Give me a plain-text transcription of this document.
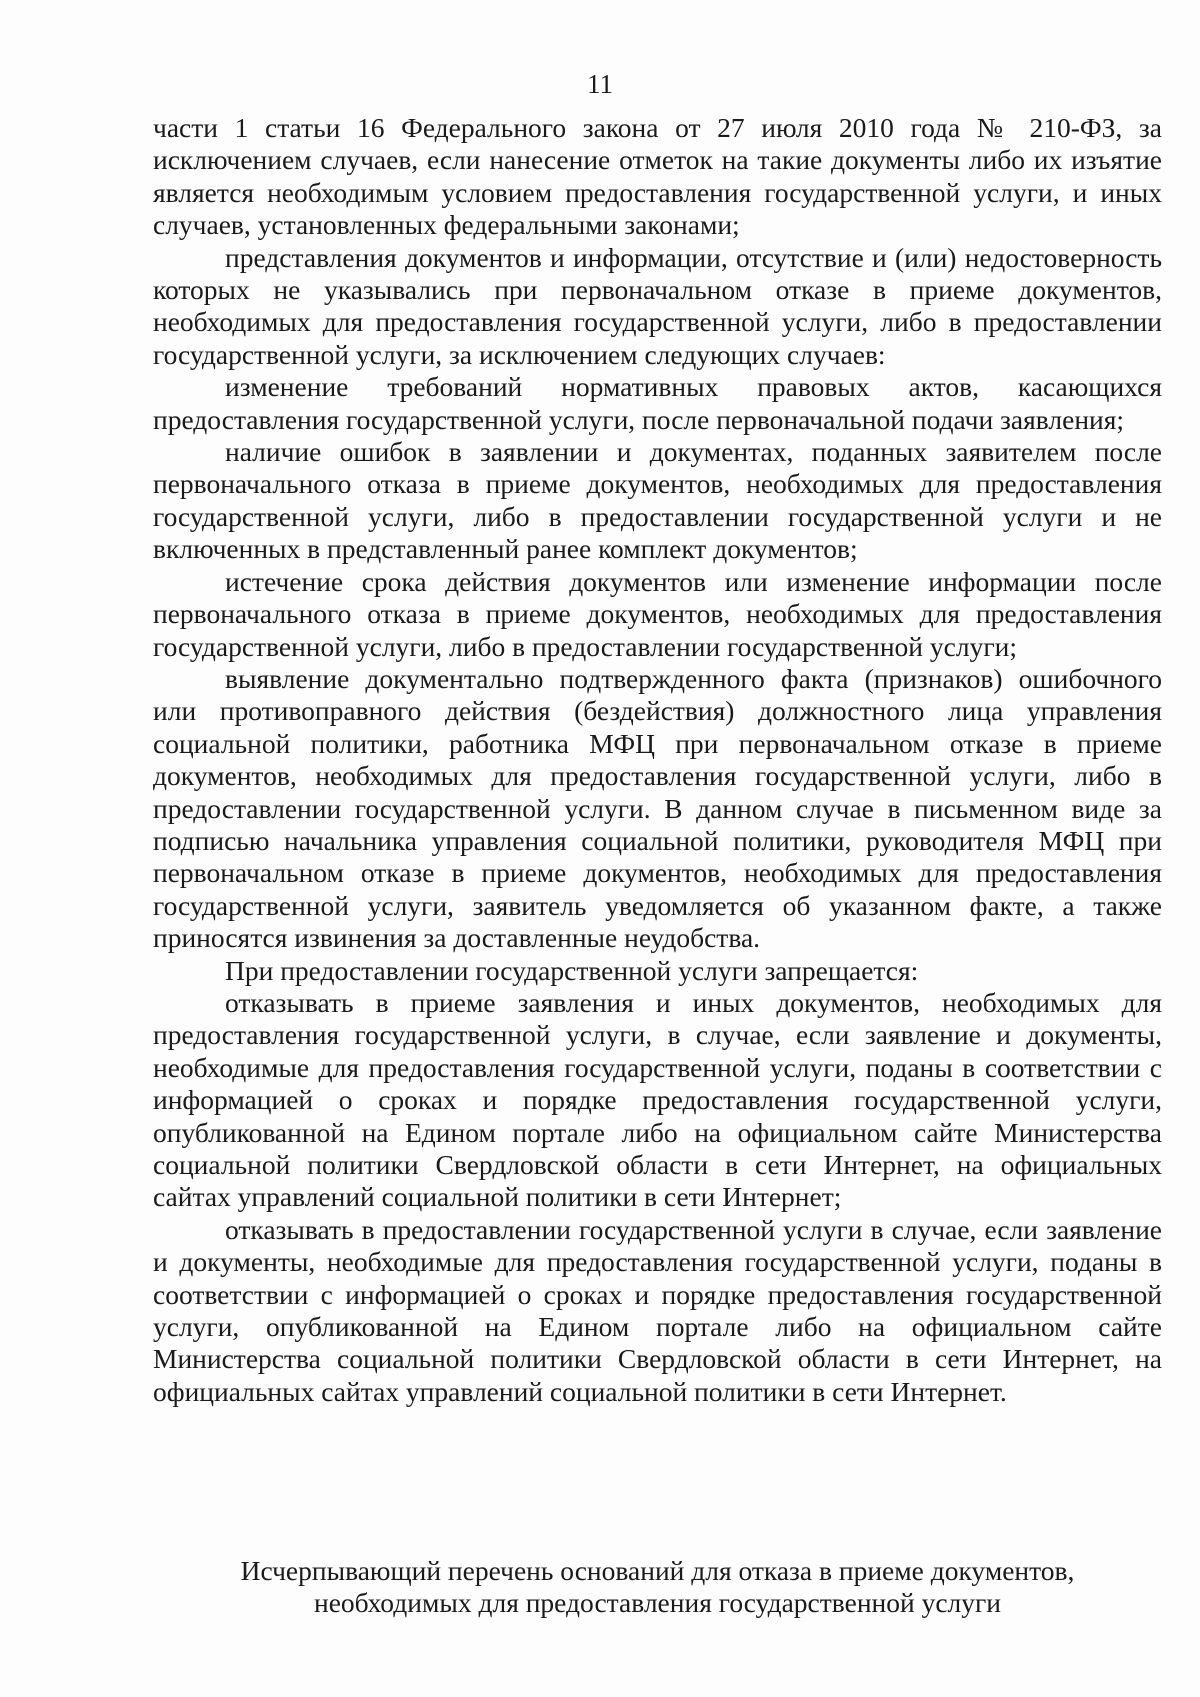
11

части 1 статьи 16 Федерального закона от 27 июля 2010 года № 210-ФЗ, за исключением случаев, если нанесение отметок на такие документы либо их изъятие является необходимым условием предоставления государственной услуги, и иных случаев, установленных федеральными законами;

представления документов и информации, отсутствие и (или) недостоверность которых не указывались при первоначальном отказе в приеме документов, необходимых для предоставления государственной услуги, либо в предоставлении государственной услуги, за исключением следующих случаев:

изменение требований нормативных правовых актов, касающихся предоставления государственной услуги, после первоначальной подачи заявления;

наличие ошибок в заявлении и документах, поданных заявителем после первоначального отказа в приеме документов, необходимых для предоставления государственной услуги, либо в предоставлении государственной услуги и не включенных в представленный ранее комплект документов;

истечение срока действия документов или изменение информации после первоначального отказа в приеме документов, необходимых для предоставления государственной услуги, либо в предоставлении государственной услуги;

выявление документально подтвержденного факта (признаков) ошибочного или противоправного действия (бездействия) должностного лица управления социальной политики, работника МФЦ при первоначальном отказе в приеме документов, необходимых для предоставления государственной услуги, либо в предоставлении государственной услуги. В данном случае в письменном виде за подписью начальника управления социальной политики, руководителя МФЦ при первоначальном отказе в приеме документов, необходимых для предоставления государственной услуги, заявитель уведомляется об указанном факте, а также приносятся извинения за доставленные неудобства.

При предоставлении государственной услуги запрещается:

отказывать в приеме заявления и иных документов, необходимых для предоставления государственной услуги, в случае, если заявление и документы, необходимые для предоставления государственной услуги, поданы в соответствии с информацией о сроках и порядке предоставления государственной услуги, опубликованной на Едином портале либо на официальном сайте Министерства социальной политики Свердловской области в сети Интернет, на официальных сайтах управлений социальной политики в сети Интернет;

отказывать в предоставлении государственной услуги в случае, если заявление и документы, необходимые для предоставления государственной услуги, поданы в соответствии с информацией о сроках и порядке предоставления государственной услуги, опубликованной на Едином портале либо на официальном сайте Министерства социальной политики Свердловской области в сети Интернет, на официальных сайтах управлений социальной политики в сети Интернет.

Исчерпывающий перечень оснований для отказа в приеме документов,
необходимых для предоставления государственной услуги
